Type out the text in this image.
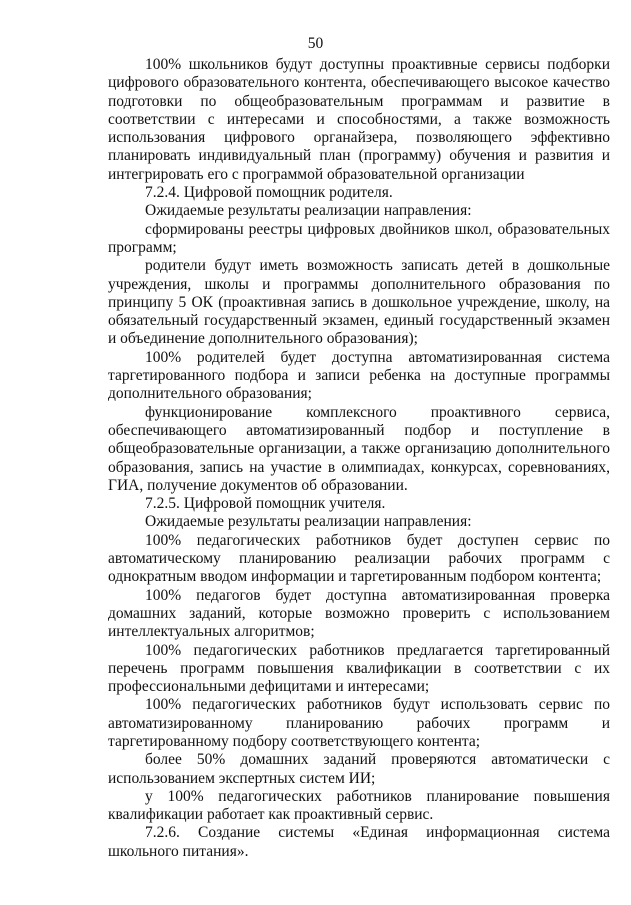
50

100% школьников будут доступны проактивные сервисы подборки цифрового образовательного контента, обеспечивающего высокое качество подготовки по общеобразовательным программам и развитие в соответствии с интересами и способностями, а также возможность использования цифрового органайзера, позволяющего эффективно планировать индивидуальный план (программу) обучения и развития и интегрировать его с программой образовательной организации

7.2.4. Цифровой помощник родителя.

Ожидаемые результаты реализации направления:

сформированы реестры цифровых двойников школ, образовательных программ;

родители будут иметь возможность записать детей в дошкольные учреждения, школы и программы дополнительного образования по принципу 5 ОК (проактивная запись в дошкольное учреждение, школу, на обязательный государственный экзамен, единый государственный экзамен и объединение дополнительного образования);

100% родителей будет доступна автоматизированная система таргетированного подбора и записи ребенка на доступные программы дополнительного образования;

функционирование комплексного проактивного сервиса, обеспечивающего автоматизированный подбор и поступление в общеобразовательные организации, а также организацию дополнительного образования, запись на участие в олимпиадах, конкурсах, соревнованиях, ГИА, получение документов об образовании.

7.2.5. Цифровой помощник учителя.

Ожидаемые результаты реализации направления:

100% педагогических работников будет доступен сервис по автоматическому планированию реализации рабочих программ с однократным вводом информации и таргетированным подбором контента;

100% педагогов будет доступна автоматизированная проверка домашних заданий, которые возможно проверить с использованием интеллектуальных алгоритмов;

100% педагогических работников предлагается таргетированный перечень программ повышения квалификации в соответствии с их профессиональными дефицитами и интересами;

100% педагогических работников будут использовать сервис по автоматизированному планированию рабочих программ и таргетированному подбору соответствующего контента;

более 50% домашних заданий проверяются автоматически с использованием экспертных систем ИИ;

у 100% педагогических работников планирование повышения квалификации работает как проактивный сервис.

7.2.6. Создание системы «Единая информационная система школьного питания».
